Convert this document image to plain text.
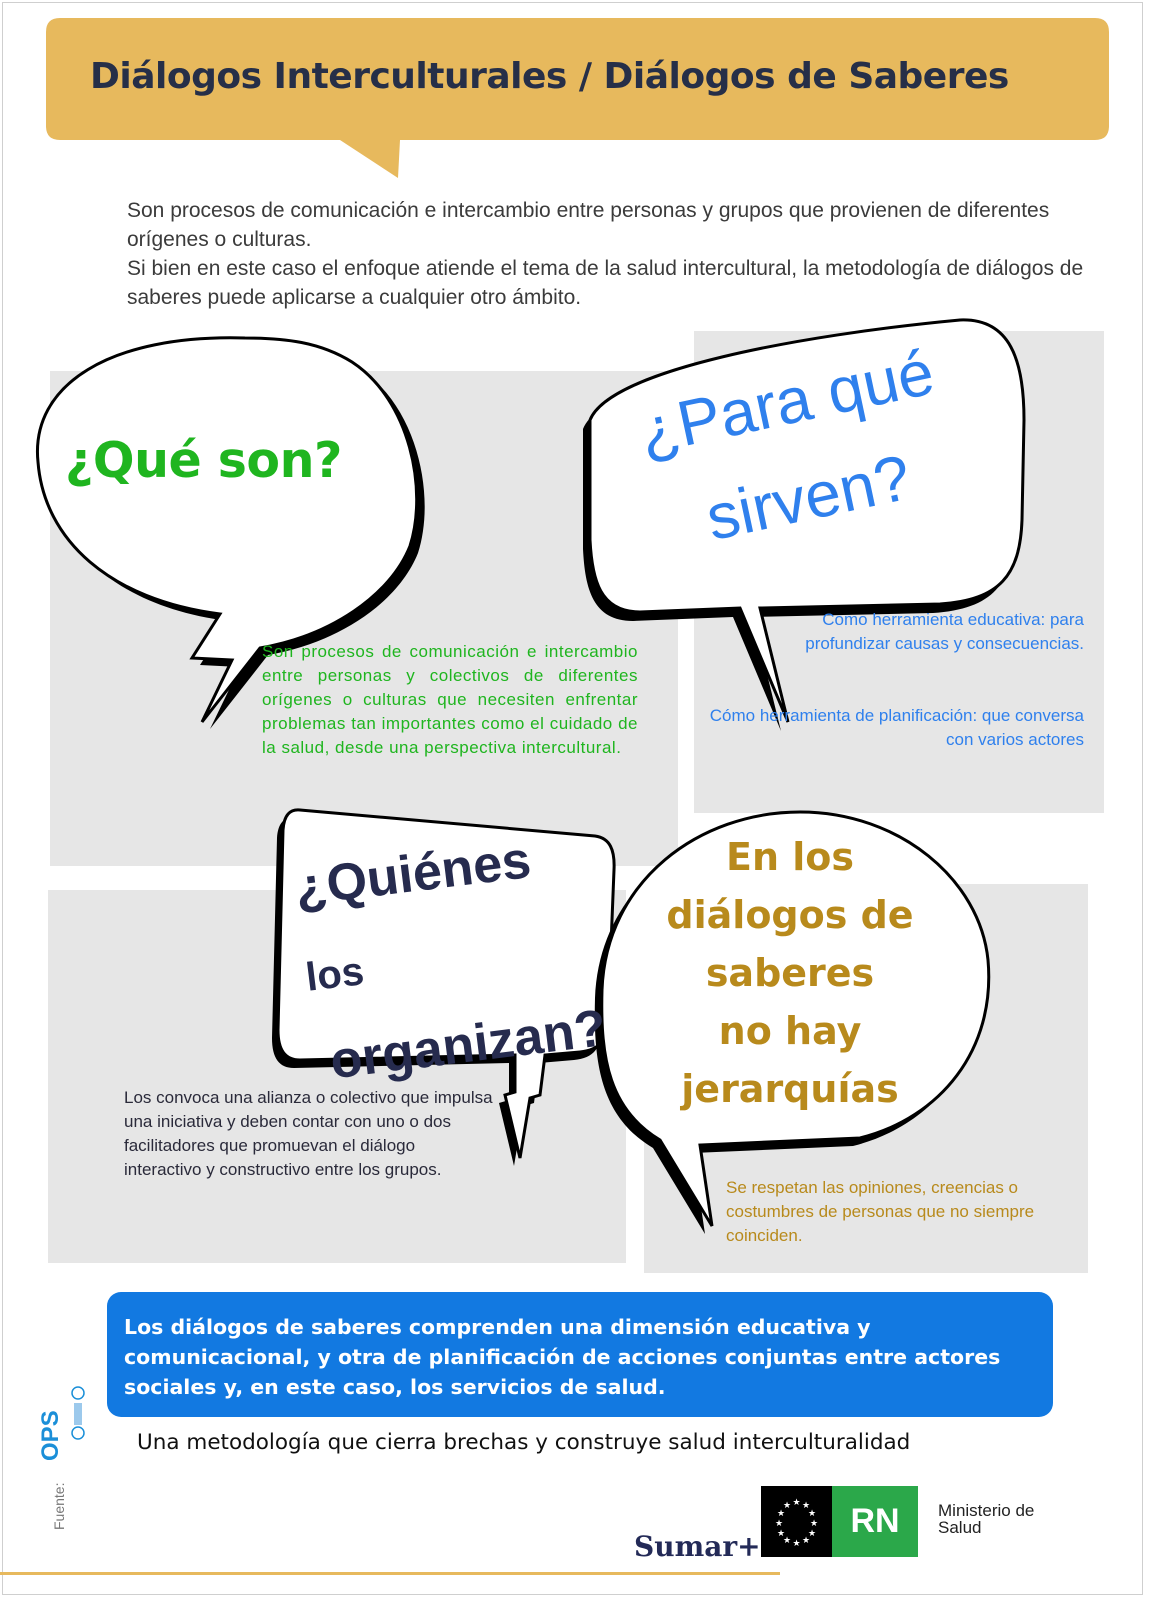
Diálogos Interculturales / Diálogos de Saberes

Son procesos de comunicación e intercambio entre personas y grupos que provienen de diferentes orígenes o culturas.

Si bien en este caso el enfoque atiende el tema de la salud intercultural, la metodología de diálogos de saberes puede aplicarse a cualquier otro ámbito.

¿Qué son?	¿Para qué
sirven?
¿Quiénes los
organizan?
En los
diálogos de
saberes
no hay
jerarquías

Son procesos de comunicación e intercambio entre personas y colectivos de diferentes orígenes o culturas que necesiten enfrentar problemas tan importantes como el cuidado de la salud, desde una perspectiva intercultural.

Como herramienta educativa: para profundizar causas y consecuencias.

Cómo herramienta de planificación: que conversa con varios actores

Los convoca una alianza o colectivo que impulsa una iniciativa y deben contar con uno o dos facilitadores que promuevan el diálogo interactivo y constructivo entre los grupos.

Se respetan las opiniones, creencias o costumbres de personas que no siempre coinciden.

Los diálogos de saberes comprenden una dimensión educativa y comunicacional, y otra de planificación de acciones conjuntas entre actores sociales y, en este caso, los servicios de salud.

Una metodología que cierra brechas y construye salud interculturalidad

Fuente:
OPS
Sumar+
★ ★
★
★
★
★
★
★
★
★
★
★	RN	Ministerio de Salud
